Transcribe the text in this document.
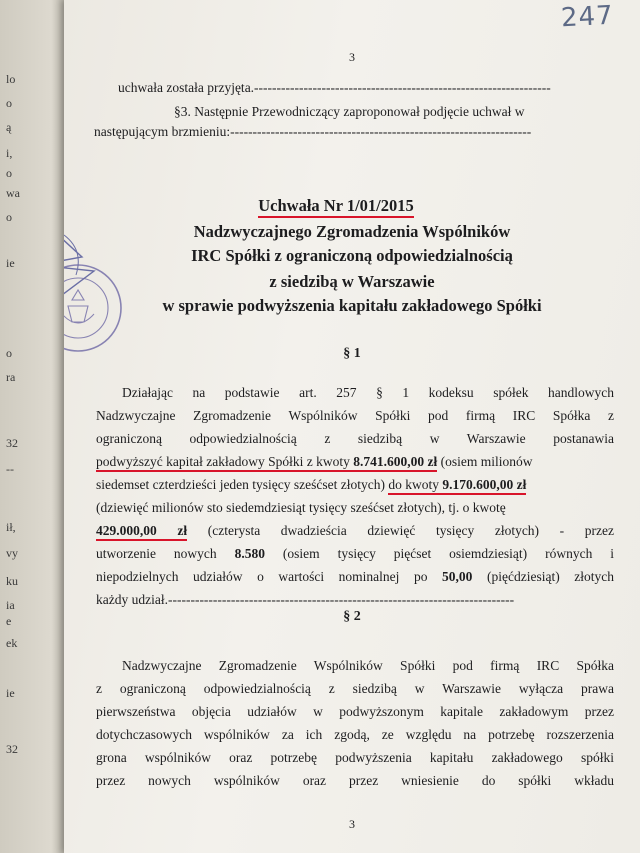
lo
o
ą
i,
o
wa
o
ie
o
ra
32
--
ił,
vy
ku
ia
e
ek
ie
32
247
3
uchwała została przyjęta.------------------------------------------------------------------
§3. Następnie Przewodniczący zaproponował podjęcie uchwał w
następującym brzmieniu:-------------------------------------------------------------------
Uchwała Nr 1/01/2015
Nadzwyczajnego Zgromadzenia Wspólników
IRC Spółki z ograniczoną odpowiedzialnością
z siedzibą w Warszawie
w sprawie podwyższenia kapitału zakładowego Spółki
§ 1
Działając na podstawie art. 257 § 1 kodeksu spółek handlowych
Nadzwyczajne Zgromadzenie Wspólników Spółki pod firmą IRC Spółka z
ograniczoną odpowiedzialnością z siedzibą w Warszawie postanawia
podwyższyć kapitał zakładowy Spółki z kwoty 8.741.600,00 zł (osiem milionów
siedemset czterdzieści jeden tysięcy sześćset złotych) do kwoty 9.170.600,00 zł
(dziewięć milionów sto siedemdziesiąt tysięcy sześćset złotych), tj. o kwotę
429.000,00 zł (czterysta dwadzieścia dziewięć tysięcy złotych) - przez
utworzenie nowych 8.580 (osiem tysięcy pięćset osiemdziesiąt) równych i
niepodzielnych udziałów o wartości nominalnej po 50,00 (pięćdziesiąt) złotych
każdy udział.-----------------------------------------------------------------------------
§ 2
Nadzwyczajne Zgromadzenie Wspólników Spółki pod firmą IRC Spółka
z ograniczoną odpowiedzialnością z siedzibą w Warszawie wyłącza prawa
pierwszeństwa objęcia udziałów w podwyższonym kapitale zakładowym przez
dotychczasowych wspólników za ich zgodą, ze względu na potrzebę rozszerzenia
grona wspólników oraz potrzebę podwyższenia kapitału zakładowego spółki
przez nowych wspólników oraz przez wniesienie do spółki wkładu
3
